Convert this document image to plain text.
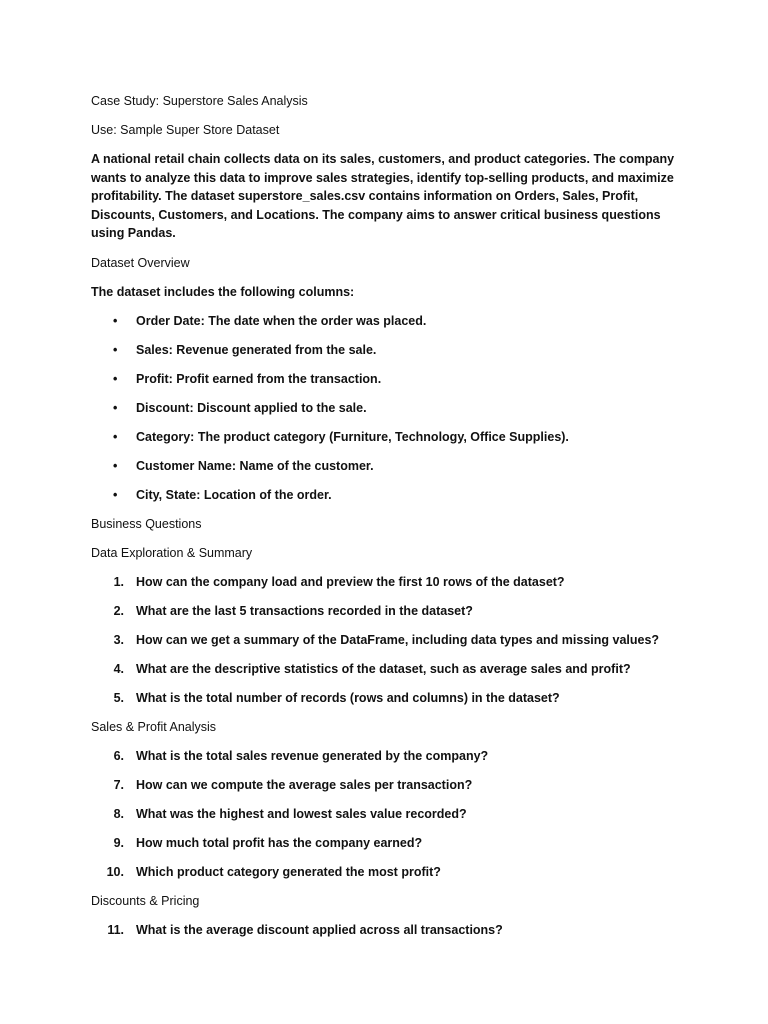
Case Study: Superstore Sales Analysis

Use: Sample Super Store Dataset

A national retail chain collects data on its sales, customers, and product categories. The company wants to analyze this data to improve sales strategies, identify top-selling products, and maximize profitability. The dataset superstore_sales.csv contains information on Orders, Sales, Profit, Discounts, Customers, and Locations. The company aims to answer critical business questions using Pandas.

Dataset Overview

The dataset includes the following columns:

• Order Date: The date when the order was placed.
• Sales: Revenue generated from the sale.
• Profit: Profit earned from the transaction.
• Discount: Discount applied to the sale.
• Category: The product category (Furniture, Technology, Office Supplies).
• Customer Name: Name of the customer.
• City, State: Location of the order.

Business Questions

Data Exploration & Summary

1. How can the company load and preview the first 10 rows of the dataset?
2. What are the last 5 transactions recorded in the dataset?
3. How can we get a summary of the DataFrame, including data types and missing values?
4. What are the descriptive statistics of the dataset, such as average sales and profit?
5. What is the total number of records (rows and columns) in the dataset?

Sales & Profit Analysis

6. What is the total sales revenue generated by the company?
7. How can we compute the average sales per transaction?
8. What was the highest and lowest sales value recorded?
9. How much total profit has the company earned?
10. Which product category generated the most profit?

Discounts & Pricing

11. What is the average discount applied across all transactions?
